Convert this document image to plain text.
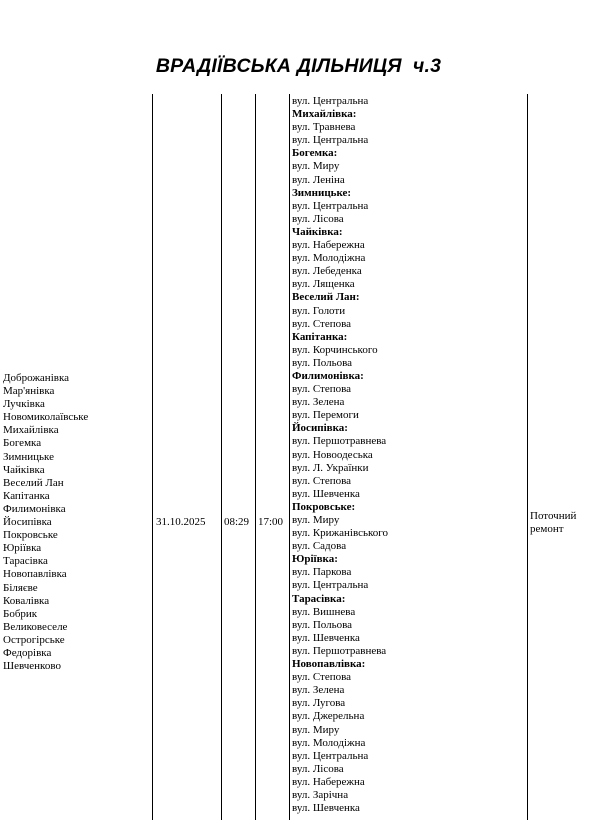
ВРАДІЇВСЬКА ДІЛЬНИЦЯ  ч.3
Доброжанівка
Мар'янівка
Лучківка
Новомиколаївське
Михайлівка
Богемка
Зимницьке
Чайківка
Веселий Лан
Капітанка
Филимонівка
Йосипівка
Покровське
Юріївка
Тарасівка
Новопавлівка
Біляєве
Ковалівка
Бобрик
Великовеселе
Острогірське
Федорівка
Шевченково
31.10.2025 08:29 17:00
вул. Центральна
Михайлівка:
вул. Травнева
вул. Центральна
Богемка:
вул. Миру
вул. Леніна
Зимницьке:
вул. Центральна
вул. Лісова
Чайківка:
вул. Набережна
вул. Молодіжна
вул. Лебеденка
вул. Лященка
Веселий Лан:
вул. Голоти
вул. Степова
Капітанка:
вул. Корчинського
вул. Польова
Филимонівка:
вул. Степова
вул. Зелена
вул. Перемоги
Йосипівка:
вул. Першотравнева
вул. Новоодеська
вул. Л. Українки
вул. Степова
вул. Шевченка
Покровське:
вул. Миру
вул. Крижанівського
вул. Садова
Юріївка:
вул. Паркова
вул. Центральна
Тарасівка:
вул. Вишнева
вул. Польова
вул. Шевченка
вул. Першотравнева
Новопавлівка:
вул. Степова
вул. Зелена
вул. Лугова
вул. Джерельна
вул. Миру
вул. Молодіжна
вул. Центральна
вул. Лісова
вул. Набережна
вул. Зарічна
вул. Шевченка
Поточний ремонт
